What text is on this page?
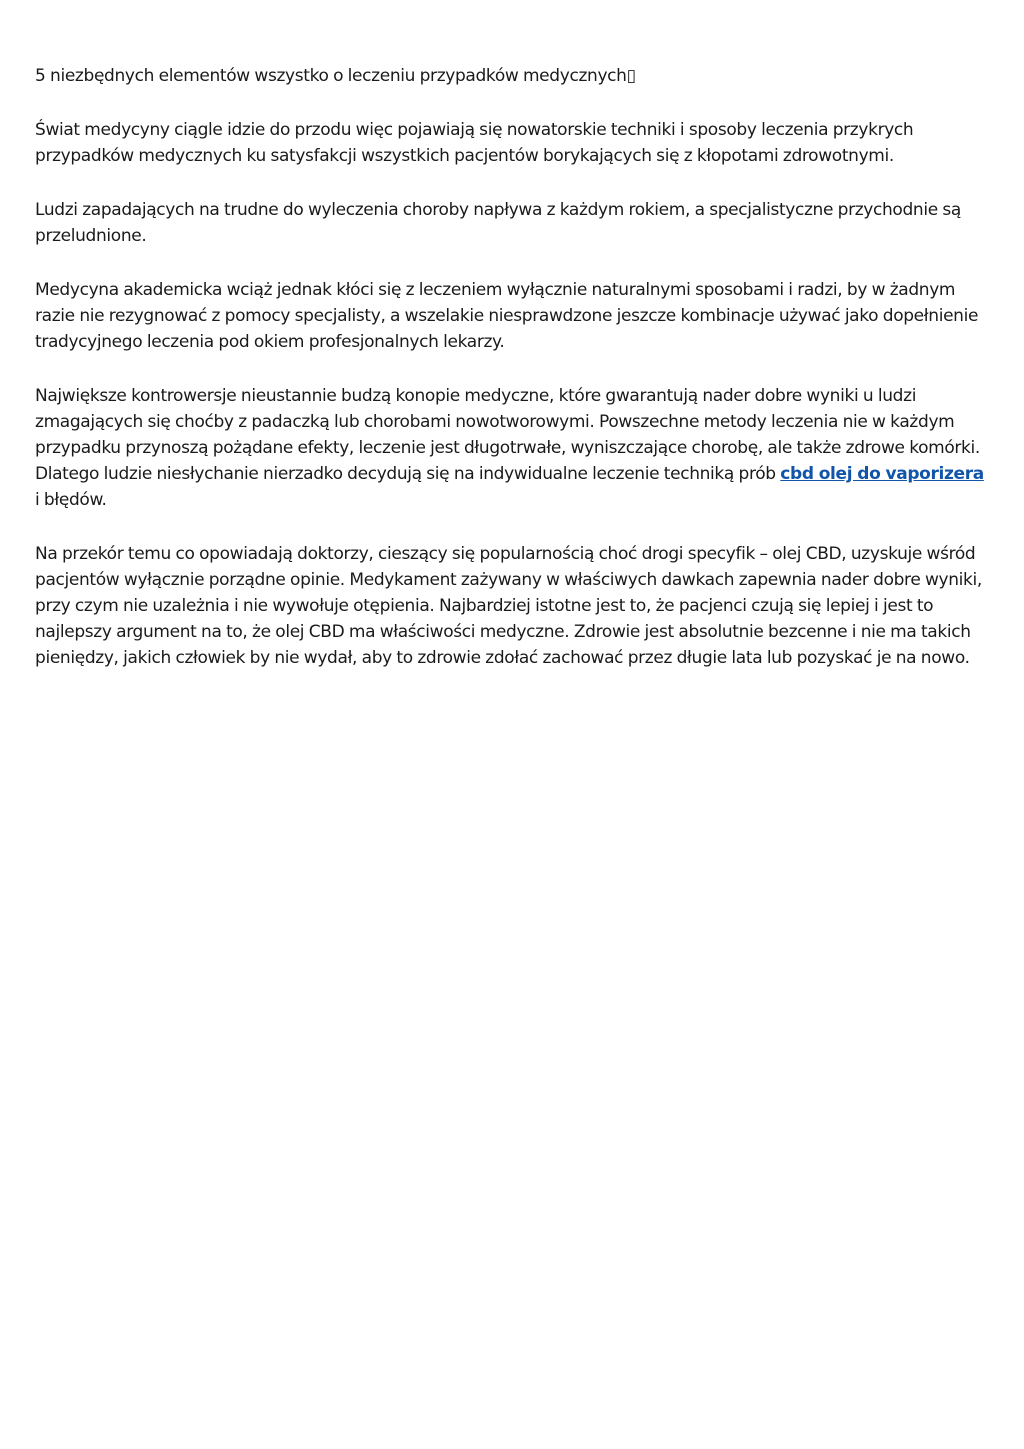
5 niezbędnych elementów wszystko o leczeniu przypadków medycznych▯

Świat medycyny ciągle idzie do przodu więc pojawiają się nowatorskie techniki i sposoby leczenia przykrych przypadków medycznych ku satysfakcji wszystkich pacjentów borykających się z kłopotami zdrowotnymi.

Ludzi zapadających na trudne do wyleczenia choroby napływa z każdym rokiem, a specjalistyczne przychodnie są przeludnione.

Medycyna akademicka wciąż jednak kłóci się z leczeniem wyłącznie naturalnymi sposobami i radzi, by w żadnym razie nie rezygnować z pomocy specjalisty, a wszelakie niesprawdzone jeszcze kombinacje używać jako dopełnienie tradycyjnego leczenia pod okiem profesjonalnych lekarzy.

Największe kontrowersje nieustannie budzą konopie medyczne, które gwarantują nader dobre wyniki u ludzi zmagających się choćby z padaczką lub chorobami nowotworowymi. Powszechne metody leczenia nie w każdym przypadku przynoszą pożądane efekty, leczenie jest długotrwałe, wyniszczające chorobę, ale także zdrowe komórki. Dlatego ludzie niesłychanie nierzadko decydują się na indywidualne leczenie techniką prób cbd olej do vaporizera i błędów.

Na przekór temu co opowiadają doktorzy, cieszący się popularnością choć drogi specyfik – olej CBD, uzyskuje wśród pacjentów wyłącznie porządne opinie. Medykament zażywany w właściwych dawkach zapewnia nader dobre wyniki, przy czym nie uzależnia i nie wywołuje otępienia. Najbardziej istotne jest to, że pacjenci czują się lepiej i jest to najlepszy argument na to, że olej CBD ma właściwości medyczne. Zdrowie jest absolutnie bezcenne i nie ma takich pieniędzy, jakich człowiek by nie wydał, aby to zdrowie zdołać zachować przez długie lata lub pozyskać je na nowo.
